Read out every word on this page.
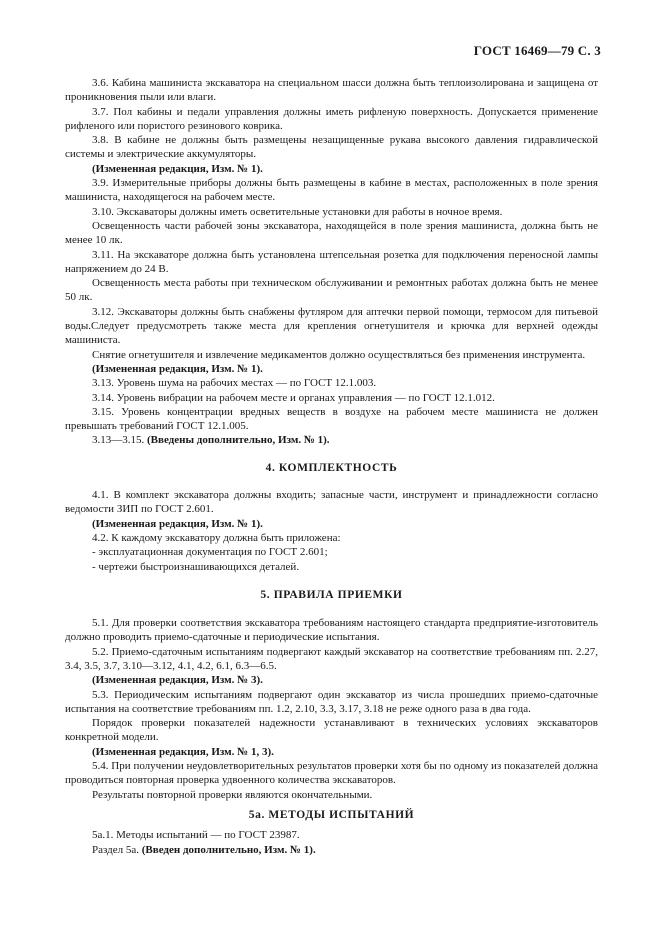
ГОСТ 16469—79 С. 3

3.6. Кабина машиниста экскаватора на специальном шасси должна быть теплоизолирована и защищена от проникновения пыли или влаги.

3.7. Пол кабины и педали управления должны иметь рифленую поверхность. Допускается применение рифленого или пористого резинового коврика.

3.8. В кабине не должны быть размещены незащищенные рукава высокого давления гидравлической системы и электрические аккумуляторы.

(Измененная редакция, Изм. № 1).

3.9. Измерительные приборы должны быть размещены в кабине в местах, расположенных в поле зрения машиниста, находящегося на рабочем месте.

3.10. Экскаваторы должны иметь осветительные установки для работы в ночное время.

Освещенность части рабочей зоны экскаватора, находящейся в поле зрения машиниста, должна быть не менее 10 лк.

3.11. На экскаваторе должна быть установлена штепсельная розетка для подключения переносной лампы напряжением до 24 В.

Освещенность места работы при техническом обслуживании и ремонтных работах должна быть не менее 50 лк.

3.12. Экскаваторы должны быть снабжены футляром для аптечки первой помощи, термосом для питьевой воды.Следует предусмотреть также места для крепления огнетушителя и крючка для верхней одежды машиниста.

Снятие огнетушителя и извлечение медикаментов должно осуществляться без применения инструмента.

(Измененная редакция, Изм. № 1).

3.13. Уровень шума на рабочих местах — по ГОСТ 12.1.003.

3.14. Уровень вибрации на рабочем месте и органах управления — по ГОСТ 12.1.012.

3.15. Уровень концентрации вредных веществ в воздухе на рабочем месте машиниста не должен превышать требований ГОСТ 12.1.005.

3.13—3.15. (Введены дополнительно, Изм. № 1).

4. КОМПЛЕКТНОСТЬ

4.1. В комплект экскаватора должны входить; запасные части, инструмент и принадлежности согласно ведомости ЗИП по ГОСТ 2.601.

(Измененная редакция, Изм. № 1).

4.2. К каждому экскаватору должна быть приложена:

- эксплуатационная документация по ГОСТ 2.601;

- чертежи быстроизнашивающихся деталей.

5. ПРАВИЛА ПРИЕМКИ

5.1. Для проверки соответствия экскаватора требованиям настоящего стандарта предприятие-изготовитель должно проводить приемо-сдаточные и периодические испытания.

5.2. Приемо-сдаточным испытаниям подвергают каждый экскаватор на соответствие требованиям пп. 2.27, 3.4, 3.5, 3.7, 3.10—3.12, 4.1, 4.2, 6.1, 6.3—6.5.

(Измененная редакция, Изм. № 3).

5.3. Периодическим испытаниям подвергают один экскаватор из числа прошедших приемо-сдаточные испытания на соответствие требованиям пп. 1.2, 2.10, 3.3, 3.17, 3.18 не реже одного раза в два года.

Порядок проверки показателей надежности устанавливают в технических условиях экскаваторов конкретной модели.

(Измененная редакция, Изм. № 1, 3).

5.4. При получении неудовлетворительных результатов проверки хотя бы по одному из показателей должна проводиться повторная проверка удвоенного количества экскаваторов.

Результаты повторной проверки являются окончательными.

5а. МЕТОДЫ ИСПЫТАНИЙ

5а.1. Методы испытаний — по ГОСТ 23987.

Раздел 5а. (Введен дополнительно, Изм. № 1).
